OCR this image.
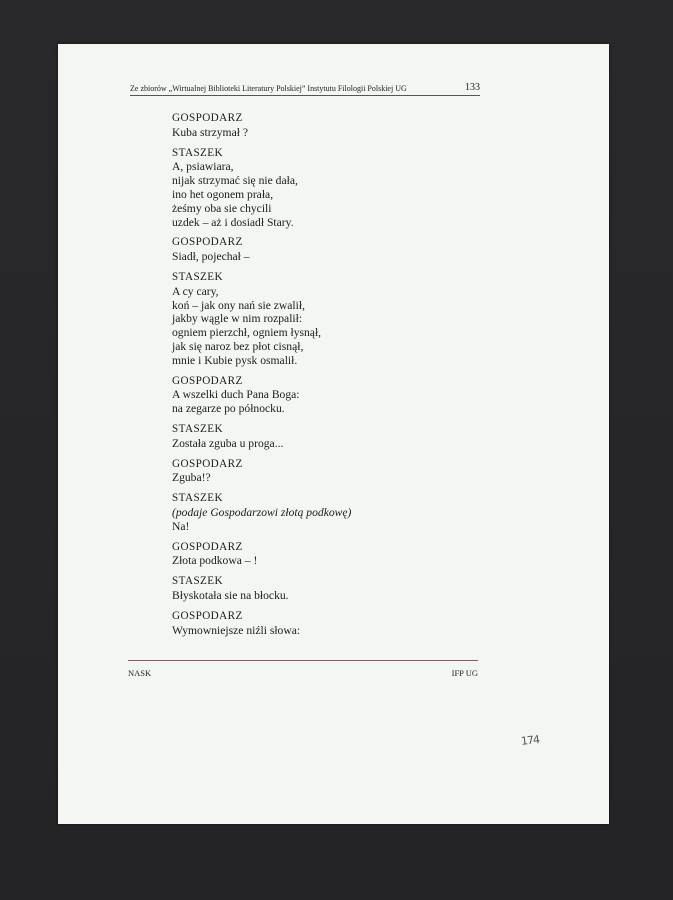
Ze zbiorów „Wirtualnej Biblioteki Literatury Polskiej” Instytutu Filologii Polskiej UG	133
GOSPODARZ
Kuba strzymał ?
STASZEK
A, psiawiara,
nijak strzymać się nie dała,
ino het ogonem prała,
żeśmy oba sie chycili
uzdek – aż i dosiadł Stary.
GOSPODARZ
Siadł, pojechał –
STASZEK
A cy cary,
koń – jak ony nań sie zwalił,
jakby wągle w nim rozpalił:
ogniem pierzchł, ogniem łysnął,
jak się naroz bez płot cisnął,
mnie i Kubie pysk osmalił.
GOSPODARZ
A wszelki duch Pana Boga:
na zegarze po północku.
STASZEK
Została zguba u proga...
GOSPODARZ
Zguba!?
STASZEK
(podaje Gospodarzowi złotą podkowę)
Na!
GOSPODARZ
Złota podkowa – !
STASZEK
Błyskotała sie na błocku.
GOSPODARZ
Wymowniejsze niźli słowa:
NASK	IFP UG
174
